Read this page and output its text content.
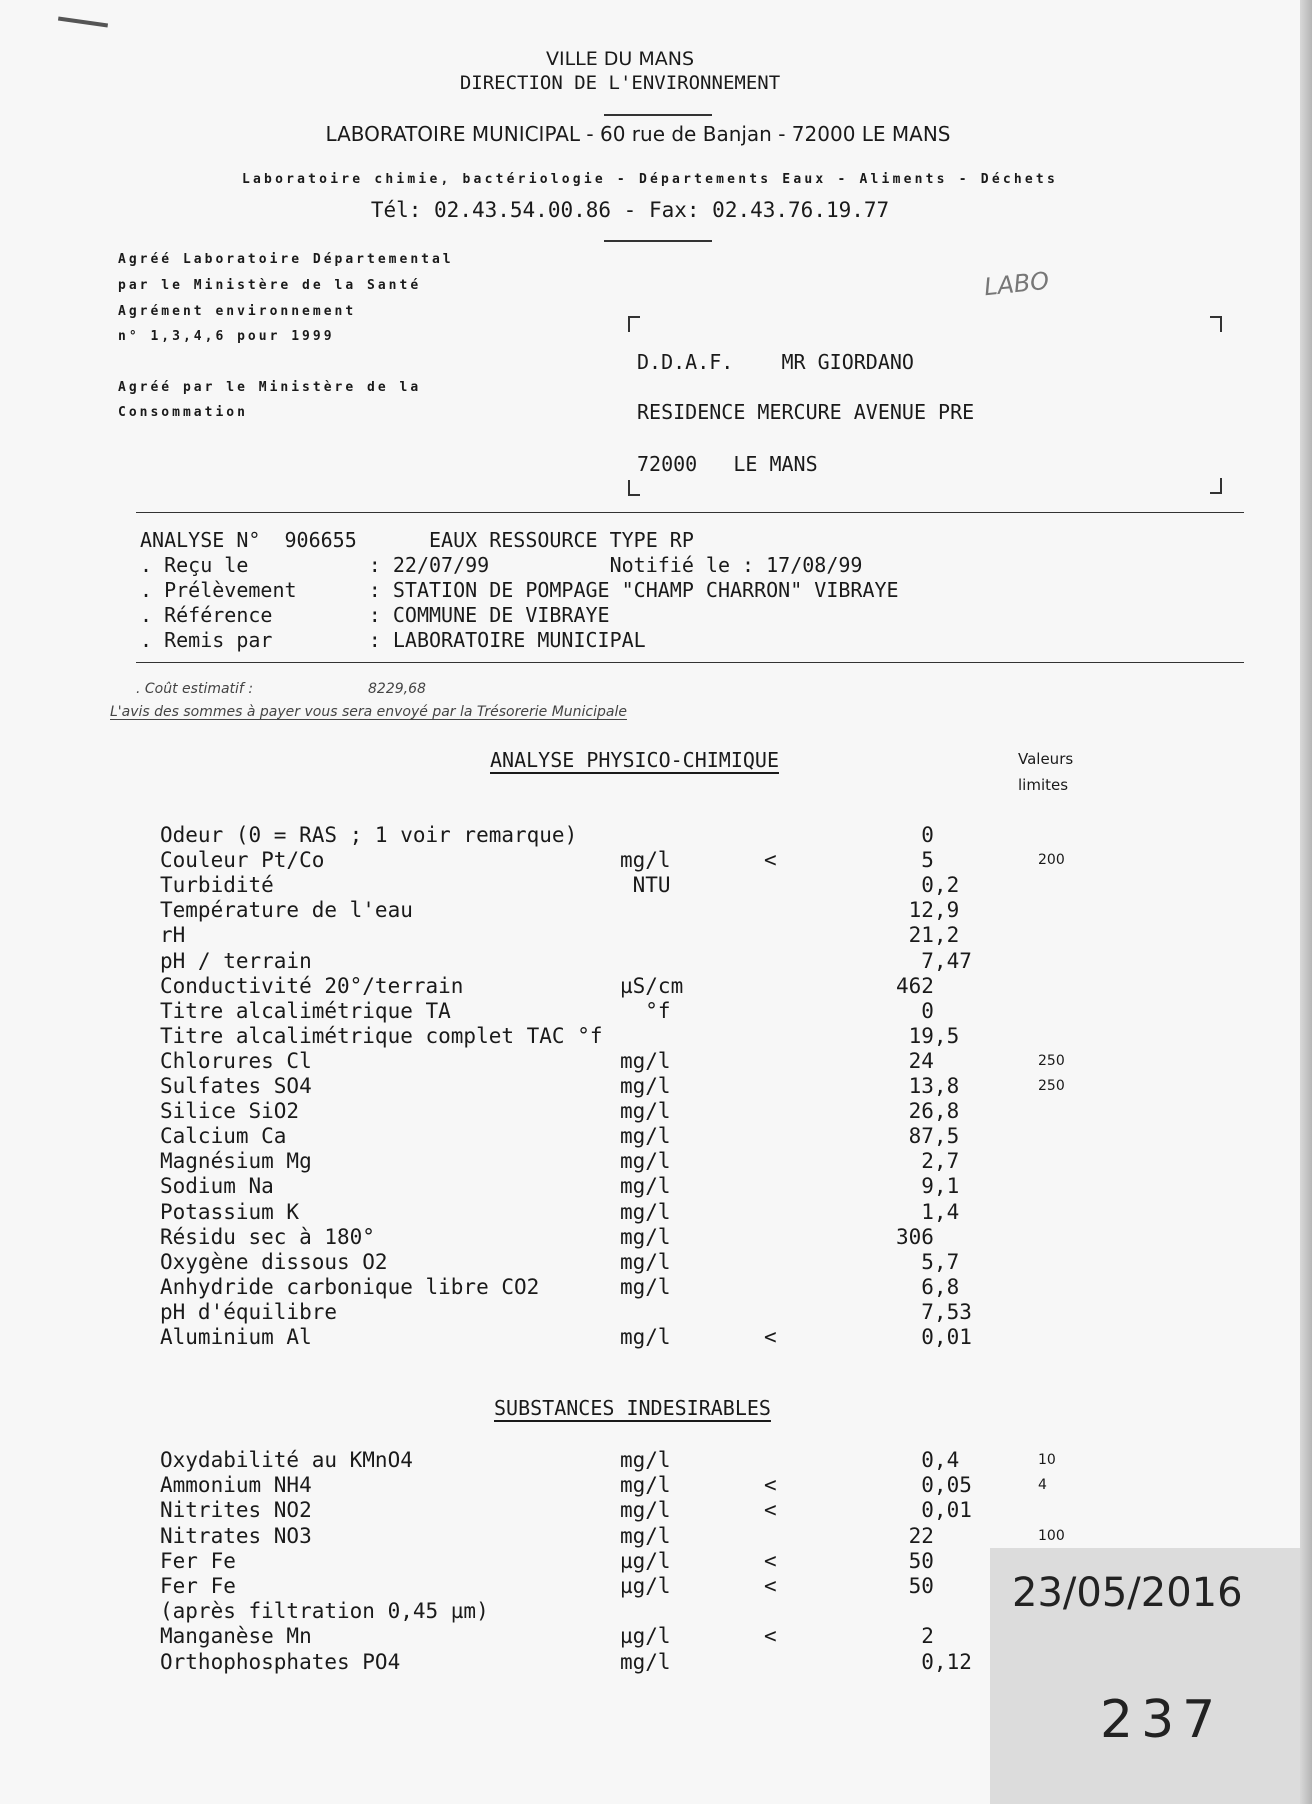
VILLE DU MANS
DIRECTION DE L'ENVIRONNEMENT
LABORATOIRE MUNICIPAL - 60 rue de Banjan - 72000 LE MANS
Laboratoire chimie, bactériologie - Départements Eaux - Aliments - Déchets
Tél: 02.43.54.00.86 - Fax: 02.43.76.19.77
Agréé Laboratoire Départemental
par le Ministère de la Santé
Agrément environnement
n° 1,3,4,6 pour 1999
Agréé par le Ministère de la
Consommation
LABO
D.D.A.F.    MR GIORDANO
RESIDENCE MERCURE AVENUE PRE
72000   LE MANS
ANALYSE N°  906655      EAUX RESSOURCE TYPE RP
. Reçu le          : 22/07/99          Notifié le : 17/08/99
. Prélèvement      : STATION DE POMPAGE "CHAMP CHARRON" VIBRAYE
. Référence        : COMMUNE DE VIBRAYE
. Remis par        : LABORATOIRE MUNICIPAL
. Coût estimatif :	8229,68
L'avis des sommes à payer vous sera envoyé par la Trésorerie Municipale
ANALYSE PHYSICO-CHIMIQUE	Valeurs
limites
Odeur (0 = RAS ; 1 voir remarque)	0
Couleur Pt/Co	mg/l	<	5	200
Turbidité	NTU	0,2
Température de l'eau	12,9
rH	21,2
pH / terrain	7,47
Conductivité 20°/terrain	µS/cm	462
Titre alcalimétrique TA	°f	0
Titre alcalimétrique complet TAC °f	19,5
Chlorures Cl	mg/l	24	250
Sulfates SO4	mg/l	13,8	250
Silice SiO2	mg/l	26,8
Calcium Ca	mg/l	87,5
Magnésium Mg	mg/l	2,7
Sodium Na	mg/l	9,1
Potassium K	mg/l	1,4
Résidu sec à 180°	mg/l	306
Oxygène dissous O2	mg/l	5,7
Anhydride carbonique libre CO2	mg/l	6,8
pH d'équilibre	7,53
Aluminium Al	mg/l	<	0,01
SUBSTANCES INDESIRABLES
Oxydabilité au KMnO4	mg/l	0,4	10
Ammonium NH4	mg/l	<	0,05	4
Nitrites NO2	mg/l	<	0,01
Nitrates NO3	mg/l	22	100
Fer Fe	µg/l	<	50
Fer Fe	µg/l	<	50
(après filtration 0,45 µm)
Manganèse Mn	µg/l	<	2
Orthophosphates PO4	mg/l	0,12
23/05/2016
237
